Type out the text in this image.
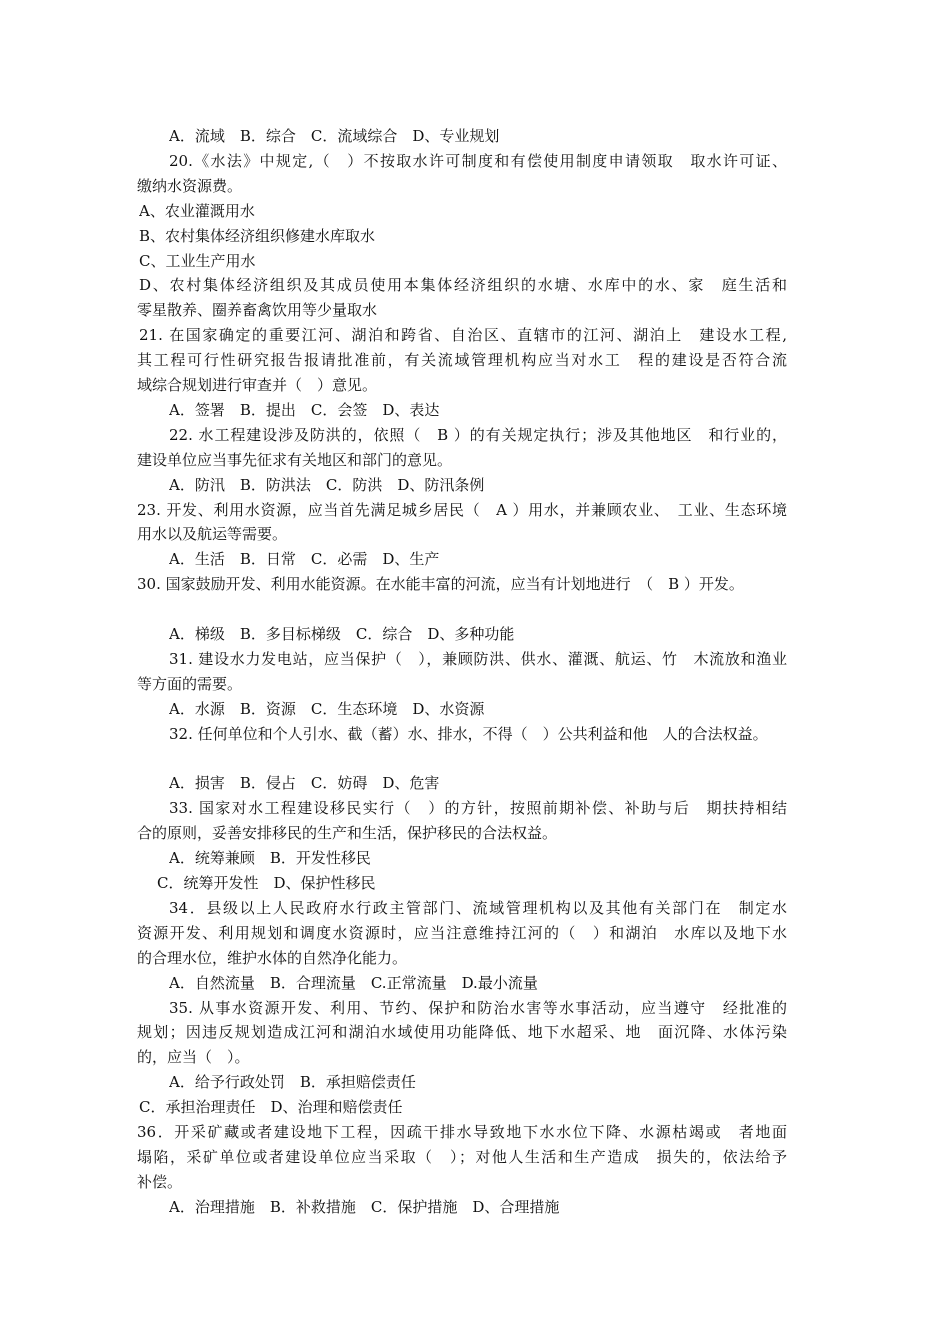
A．流域　B．综合　C．流域综合　D、专业规划
20.《水法》中规定,（　）不按取水许可制度和有偿使用制度申请领取　取水许可证、
缴纳水资源费。
A、农业灌溉用水
B、农村集体经济组织修建水库取水
C、工业生产用水
D、农村集体经济组织及其成员使用本集体经济组织的水塘、水库中的水、家　庭生活和
零星散养、圈养畜禽饮用等少量取水
21. 在国家确定的重要江河、湖泊和跨省、自治区、直辖市的江河、湖泊上　建设水工程,
其工程可行性研究报告报请批准前，有关流域管理机构应当对水工　程的建设是否符合流
域综合规划进行审查并（　）意见。
A．签署　B．提出　C．会签　D、表达
22. 水工程建设涉及防洪的，依照（　B ）的有关规定执行；涉及其他地区　和行业的，
建设单位应当事先征求有关地区和部门的意见。
A．防汛　B．防洪法　C．防洪　D、防汛条例
23. 开发、利用水资源，应当首先满足城乡居民（　A ）用水，并兼顾农业、　工业、生态环境
用水以及航运等需要。
A．生活　B．日常　C．必需　D、生产
30. 国家鼓励开发、利用水能资源。在水能丰富的河流，应当有计划地进行　（　B ）开发。
A．梯级　B．多目标梯级　C．综合　D、多种功能
31. 建设水力发电站，应当保护（　），兼顾防洪、供水、灌溉、航运、竹　木流放和渔业
等方面的需要。
A．水源　B．资源　C．生态环境　D、水资源
32. 任何单位和个人引水、截（蓄）水、排水，不得（　）公共利益和他　人的合法权益。
A．损害　B．侵占　C．妨碍　D、危害
33. 国家对水工程建设移民实行（　）的方针，按照前期补偿、补助与后　期扶持相结
合的原则，妥善安排移民的生产和生活，保护移民的合法权益。
A．统筹兼顾　B．开发性移民
C．统筹开发性　D、保护性移民
34．县级以上人民政府水行政主管部门、流域管理机构以及其他有关部门在　制定水
资源开发、利用规划和调度水资源时，应当注意维持江河的（　）和湖泊　水库以及地下水
的合理水位，维护水体的自然净化能力。
A．自然流量　B．合理流量　C.正常流量　D.最小流量
35. 从事水资源开发、利用、节约、保护和防治水害等水事活动，应当遵守　经批准的
规划；因违反规划造成江河和湖泊水域使用功能降低、地下水超采、地　面沉降、水体污染
的，应当（　）。
A．给予行政处罚　B．承担赔偿责任
C．承担治理责任　D、治理和赔偿责任
36．开采矿藏或者建设地下工程，因疏干排水导致地下水水位下降、水源枯竭或　者地面
塌陷，采矿单位或者建设单位应当采取（　）；对他人生活和生产造成　损失的，依法给予
补偿。
A．治理措施　B．补救措施　C．保护措施　D、合理措施
